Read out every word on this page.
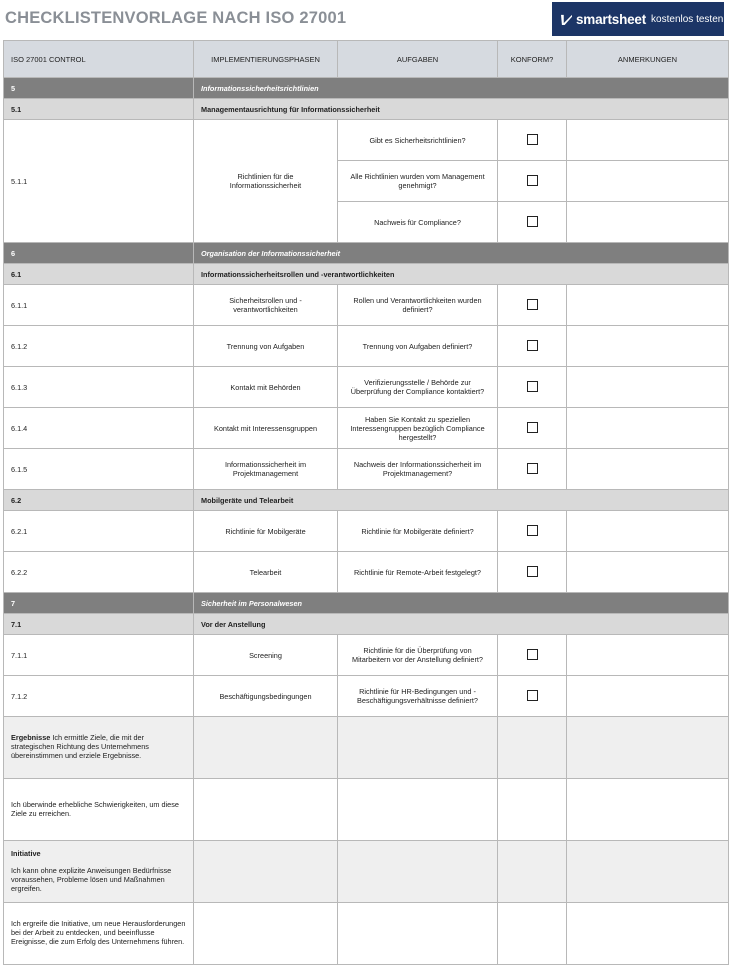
CHECKLISTENVORLAGE NACH ISO 27001	smartsheet kostenlos testen
ISO 27001 CONTROL	IMPLEMENTIERUNGSPHASEN	AUFGABEN	KONFORM?	ANMERKUNGEN
5	Informationssicherheitsrichtlinien			
5.1	Managementausrichtung für Informationssicherheit			
5.1.1	Richtlinien für die Informationssicherheit	Gibt es Sicherheitsrichtlinien?		
		Alle Richtlinien wurden vom Management genehmigt?		
		Nachweis für Compliance?		
6	Organisation der Informationssicherheit			
6.1	Informationssicherheitsrollen und -verantwortlichkeiten			
6.1.1	Sicherheitsrollen und -verantwortlichkeiten	Rollen und Verantwortlichkeiten wurden definiert?		
6.1.2	Trennung von Aufgaben	Trennung von Aufgaben definiert?		
6.1.3	Kontakt mit Behörden	Verifizierungsstelle / Behörde zur Überprüfung der Compliance kontaktiert?		
6.1.4	Kontakt mit Interessensgruppen	Haben Sie Kontakt zu speziellen Interessengruppen bezüglich Compliance hergestellt?		
6.1.5	Informationssicherheit im Projektmanagement	Nachweis der Informationssicherheit im Projektmanagement?		
6.2	Mobilgeräte und Telearbeit			
6.2.1	Richtlinie für Mobilgeräte	Richtlinie für Mobilgeräte definiert?		
6.2.2	Telearbeit	Richtlinie für Remote-Arbeit festgelegt?		
7	Sicherheit im Personalwesen			
7.1	Vor der Anstellung			
7.1.1	Screening	Richtlinie für die Überprüfung von Mitarbeitern vor der Anstellung definiert?		
7.1.2	Beschäftigungsbedingungen	Richtlinie für HR-Bedingungen und -Beschäftigungsverhältnisse definiert?		
Ergebnisse Ich ermittle Ziele, die mit der strategischen Richtung des Unternehmens übereinstimmen und erziele Ergebnisse.				
Ich überwinde erhebliche Schwierigkeiten, um diese Ziele zu erreichen.				
Initiative
Ich kann ohne explizite Anweisungen Bedürfnisse voraussehen, Probleme lösen und Maßnahmen ergreifen.				
Ich ergreife die Initiative, um neue Herausforderungen bei der Arbeit zu entdecken, und beeinflusse Ereignisse, die zum Erfolg des Unternehmens führen.				
